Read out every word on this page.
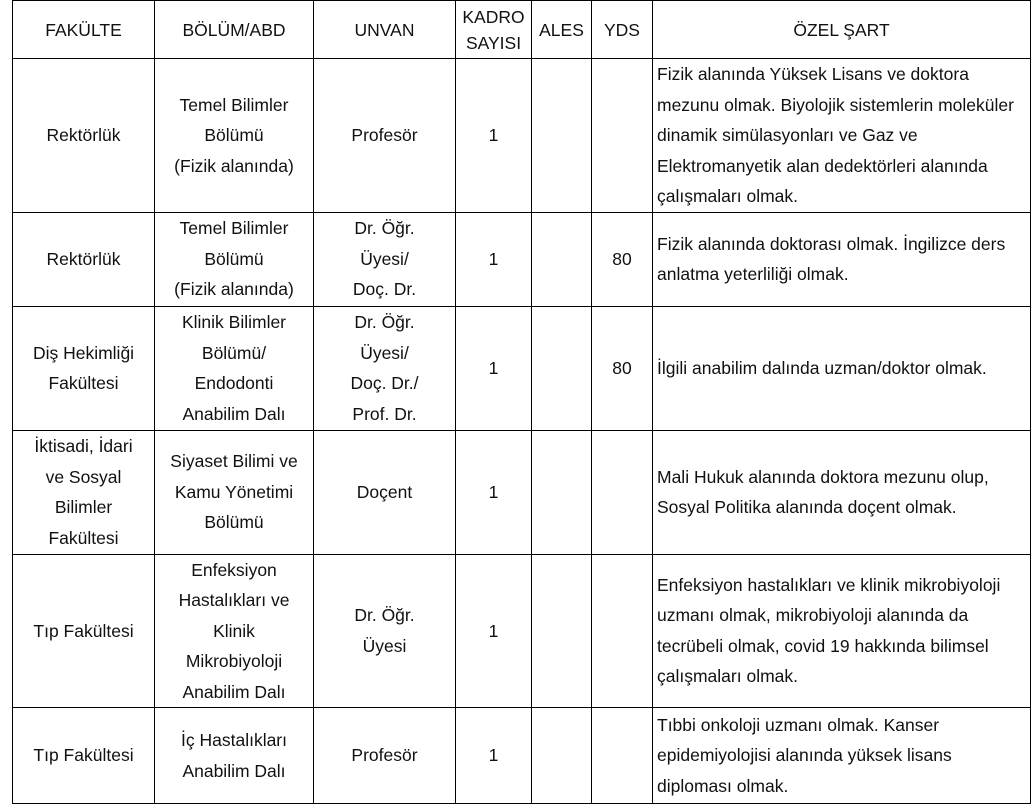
FAKÜLTE	BÖLÜM/ABD	UNVAN	KADRO
SAYISI	ALES	YDS	ÖZEL ŞART

Rektörlük	Temel Bilimler
Bölümü
(Fizik alanında)	Profesör	1			Fizik alanında Yüksek Lisans ve doktora
mezunu olmak. Biyolojik sistemlerin moleküler
dinamik simülasyonları ve Gaz ve
Elektromanyetik alan dedektörleri alanında
çalışmaları olmak.

Rektörlük	Temel Bilimler
Bölümü
(Fizik alanında)	Dr. Öğr.
Üyesi/
Doç. Dr.	1		80	Fizik alanında doktorası olmak. İngilizce ders
anlatma yeterliliği olmak.

Diş Hekimliği
Fakültesi	Klinik Bilimler
Bölümü/
Endodonti
Anabilim Dalı	Dr. Öğr.
Üyesi/
Doç. Dr./
Prof. Dr.	1		80	İlgili anabilim dalında uzman/doktor olmak.

İktisadi, İdari
ve Sosyal
Bilimler
Fakültesi	Siyaset Bilimi ve
Kamu Yönetimi
Bölümü	Doçent	1			Mali Hukuk alanında doktora mezunu olup,
Sosyal Politika alanında doçent olmak.

Tıp Fakültesi	Enfeksiyon
Hastalıkları ve
Klinik
Mikrobiyoloji
Anabilim Dalı	Dr. Öğr.
Üyesi	1			Enfeksiyon hastalıkları ve klinik mikrobiyoloji
uzmanı olmak, mikrobiyoloji alanında da
tecrübeli olmak, covid 19 hakkında bilimsel
çalışmaları olmak.

Tıp Fakültesi	İç Hastalıkları
Anabilim Dalı	Profesör	1			Tıbbi onkoloji uzmanı olmak. Kanser
epidemiyolojisi alanında yüksek lisans
diploması olmak.
